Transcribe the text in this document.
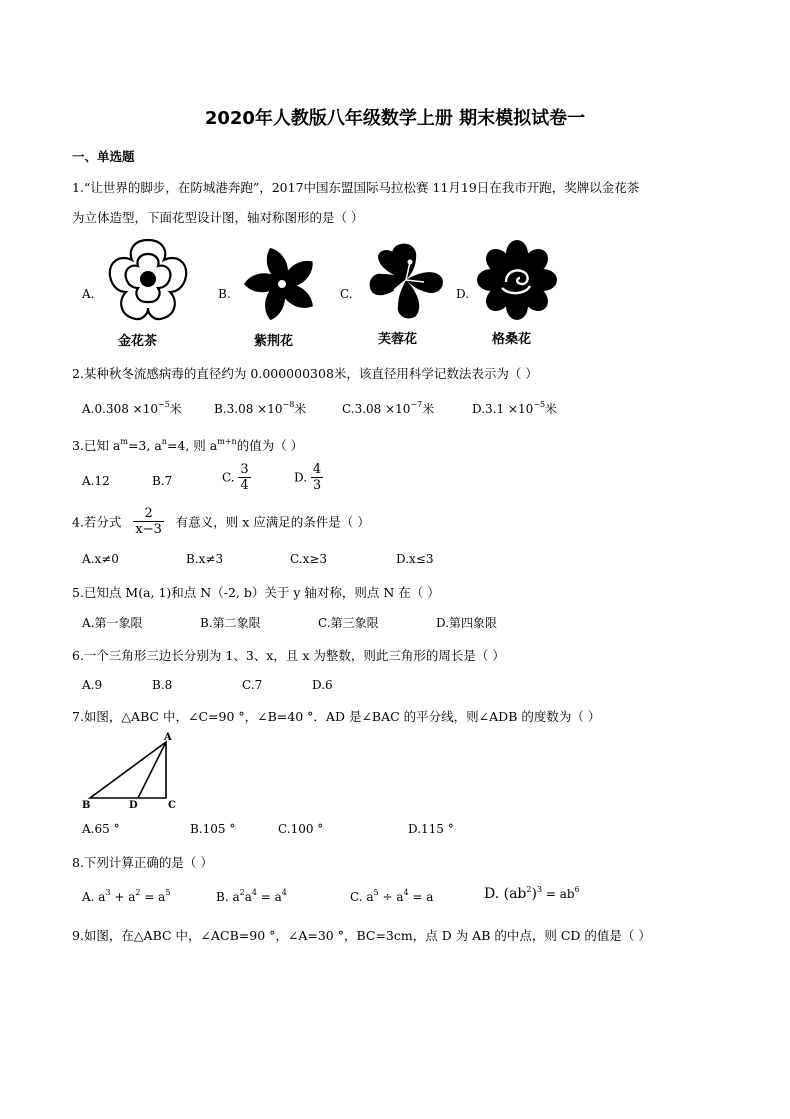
2020年人教版八年级数学上册 期末模拟试卷一
一、单选题
1.“让世界的脚步，在防城港奔跑”，2017中国东盟国际马拉松赛 11月19日在我市开跑，奖牌以金花茶
为立体造型，下面花型设计图，轴对称图形的是（ ）
A.	B.	C.	D.
金花茶	紫荆花	芙蓉花	格桑花
2.某种秋冬流感病毒的直径约为 0.000000308米，该直径用科学记数法表示为（ ）
$A.0.308 \times 10^{-5}$米	$B.3.08 \times 10^{-8}$米	$C.3.08 \times 10^{-7}$米	$D.3.1 \times 10^{-5}$米
3.已知 $a^m=3$, $a^n=4$, 则 $a^{m+n}$的值为（ ）
A.12	B.7	C. $\frac{3}{4}$	D. $\frac{4}{3}$
4.若分式 $\frac{2}{x-3}$ 有意义，则 x 应满足的条件是（ ）
A.x≠0	B.x≠3	C.x≥3	D.x≤3
5.已知点 M(a, 1)和点 N（-2, b）关于 y 轴对称，则点 N 在（ ）
A.第一象限	B.第二象限	C.第三象限	D.第四象限
6.一个三角形三边长分别为 1、3、x，且 x 为整数，则此三角形的周长是（ ）
A.9	B.8	C.7	D.6
7.如图，△ABC 中，∠C=90 °，∠B=40 °．AD 是∠BAC 的平分线，则∠ADB 的度数为（ ）
A
B	D	C
A.65 °	B.105 °	C.100 °	D.115 °
8.下列计算正确的是（ ）
A. $a^3 + a^2 = a^5$	B. $a^2a^4 = a^4$	C. $a^5 \div a^4 = a$	D. $(ab^2)^3 = ab^6$
9.如图，在△ABC 中，∠ACB=90 °，∠A=30 °，BC=3cm，点 D 为 AB 的中点，则 CD 的值是（ ）
